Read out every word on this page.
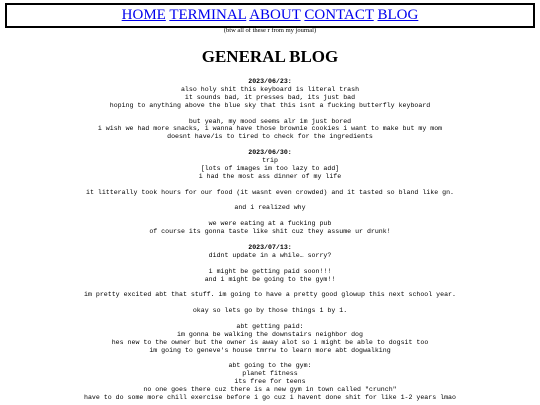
HOME TERMINAL ABOUT CONTACT BLOG
(btw all of these r from my journal)
GENERAL BLOG
2023/06/23:
also holy shit this keyboard is literal trash
it sounds bad, it presses bad, its just bad
hoping to anything above the blue sky that this isnt a fucking butterfly keyboard
but yeah, my mood seems alr im just bored
i wish we had more snacks, i wanna have those brownie cookies i want to make but my mom
doesnt have/is to tired to check for the ingredients
2023/06/30:
trip
[lots of images im too lazy to add]
i had the most ass dinner of my life
it litterally took hours for our food (it wasnt even crowded) and it tasted so bland like gn.
and i realized why
we were eating at a fucking pub
of course its gonna taste like shit cuz they assume ur drunk!
2023/07/13:
didnt update in a while… sorry?
i might be getting paid soon!!!
and i might be going to the gym!!
im pretty excited abt that stuff. im going to have a pretty good glowup this next school year.
okay so lets go by those things 1 by 1.
abt getting paid:
im gonna be walking the downstairs neighbor dog
hes new to the owner but the owner is away alot so i might be able to dogsit too
im going to geneve's house tmrrw to learn more abt dogwalking
abt going to the gym:
planet fitness
its free for teens
no one goes there cuz there is a new gym in town called "crunch"
have to do some more chill exercise before i go cuz i havent done shit for like 1-2 years lmao
